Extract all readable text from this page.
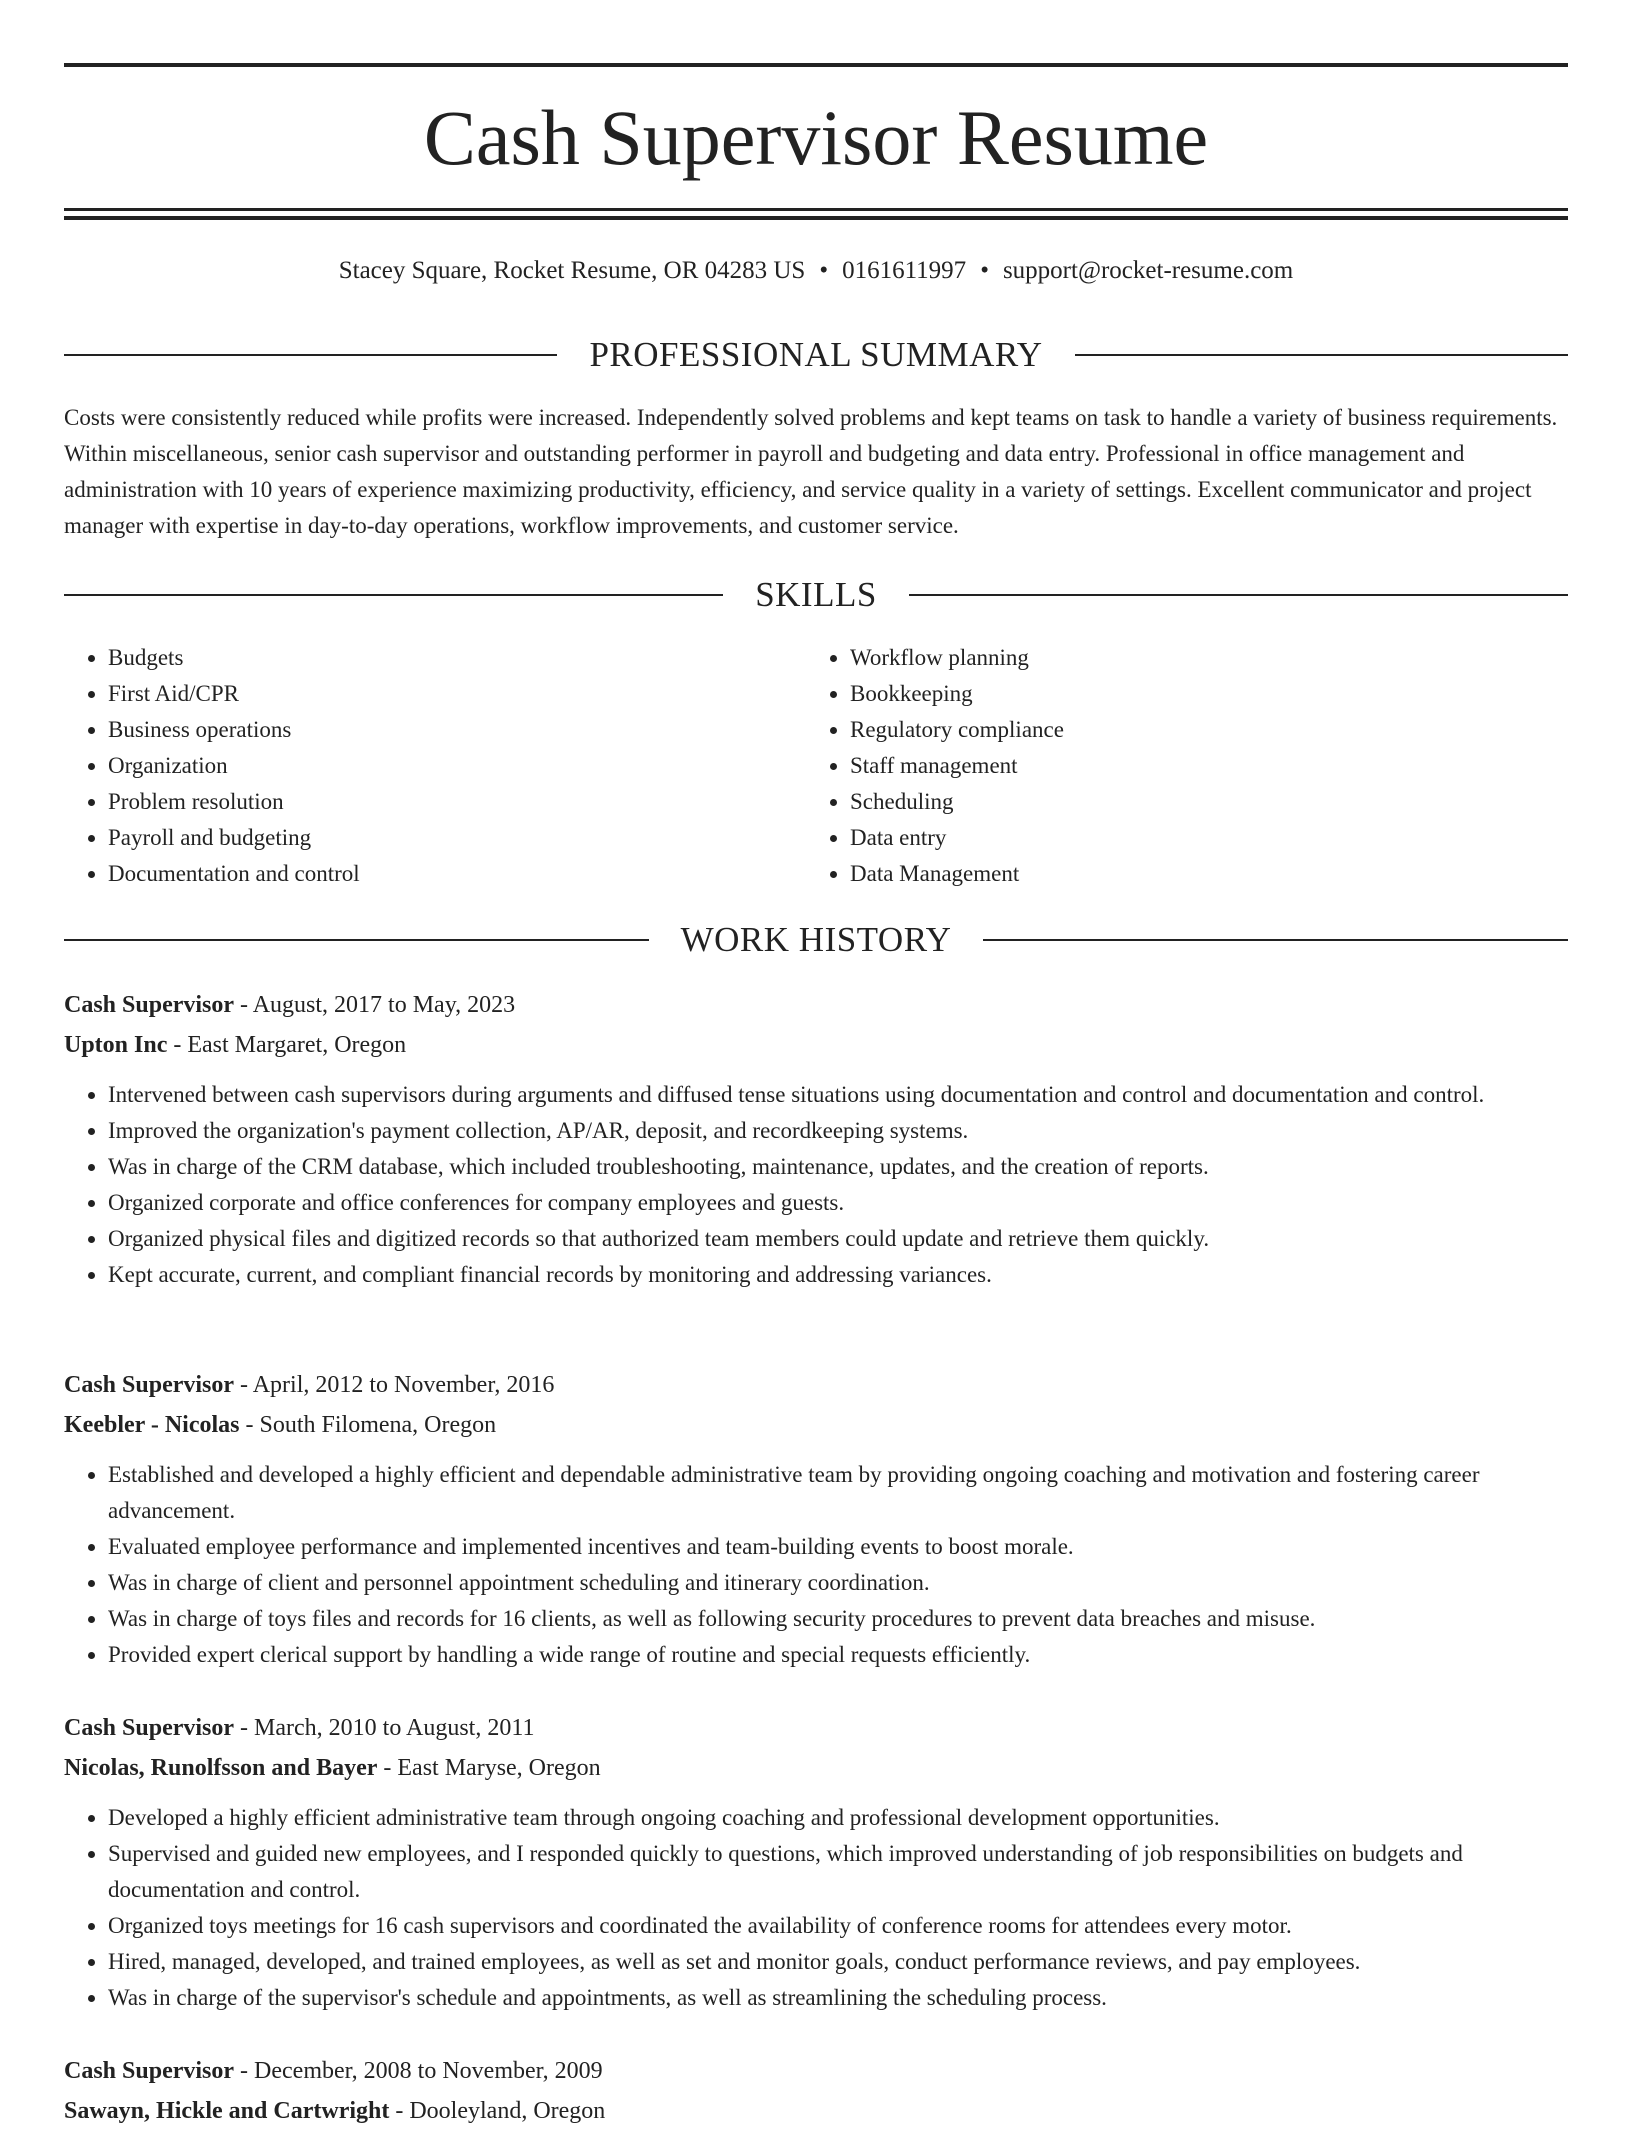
Cash Supervisor Resume
Stacey Square, Rocket Resume, OR 04283 US • 0161611997 • support@rocket-resume.com
PROFESSIONAL SUMMARY

Costs were consistently reduced while profits were increased. Independently solved problems and kept teams on task to handle a variety of business requirements. Within miscellaneous, senior cash supervisor and outstanding performer in payroll and budgeting and data entry. Professional in office management and administration with 10 years of experience maximizing productivity, efficiency, and service quality in a variety of settings. Excellent communicator and project manager with expertise in day-to-day operations, workflow improvements, and customer service.

SKILLS
• Budgets
• First Aid/CPR
• Business operations
• Organization
• Problem resolution
• Payroll and budgeting
• Documentation and control
• Workflow planning
• Bookkeeping
• Regulatory compliance
• Staff management
• Scheduling
• Data entry
• Data Management
WORK HISTORY
Cash Supervisor - August, 2017 to May, 2023
Upton Inc - East Margaret, Oregon
• Intervened between cash supervisors during arguments and diffused tense situations using documentation and control and documentation and control.
• Improved the organization's payment collection, AP/AR, deposit, and recordkeeping systems.
• Was in charge of the CRM database, which included troubleshooting, maintenance, updates, and the creation of reports.
• Organized corporate and office conferences for company employees and guests.
• Organized physical files and digitized records so that authorized team members could update and retrieve them quickly.
• Kept accurate, current, and compliant financial records by monitoring and addressing variances.
Cash Supervisor - April, 2012 to November, 2016
Keebler - Nicolas - South Filomena, Oregon
• Established and developed a highly efficient and dependable administrative team by providing ongoing coaching and motivation and fostering career advancement.
• Evaluated employee performance and implemented incentives and team-building events to boost morale.
• Was in charge of client and personnel appointment scheduling and itinerary coordination.
• Was in charge of toys files and records for 16 clients, as well as following security procedures to prevent data breaches and misuse.
• Provided expert clerical support by handling a wide range of routine and special requests efficiently.
Cash Supervisor - March, 2010 to August, 2011
Nicolas, Runolfsson and Bayer - East Maryse, Oregon
• Developed a highly efficient administrative team through ongoing coaching and professional development opportunities.
• Supervised and guided new employees, and I responded quickly to questions, which improved understanding of job responsibilities on budgets and documentation and control.
• Organized toys meetings for 16 cash supervisors and coordinated the availability of conference rooms for attendees every motor.
• Hired, managed, developed, and trained employees, as well as set and monitor goals, conduct performance reviews, and pay employees.
• Was in charge of the supervisor's schedule and appointments, as well as streamlining the scheduling process.
Cash Supervisor - December, 2008 to November, 2009
Sawayn, Hickle and Cartwright - Dooleyland, Oregon
